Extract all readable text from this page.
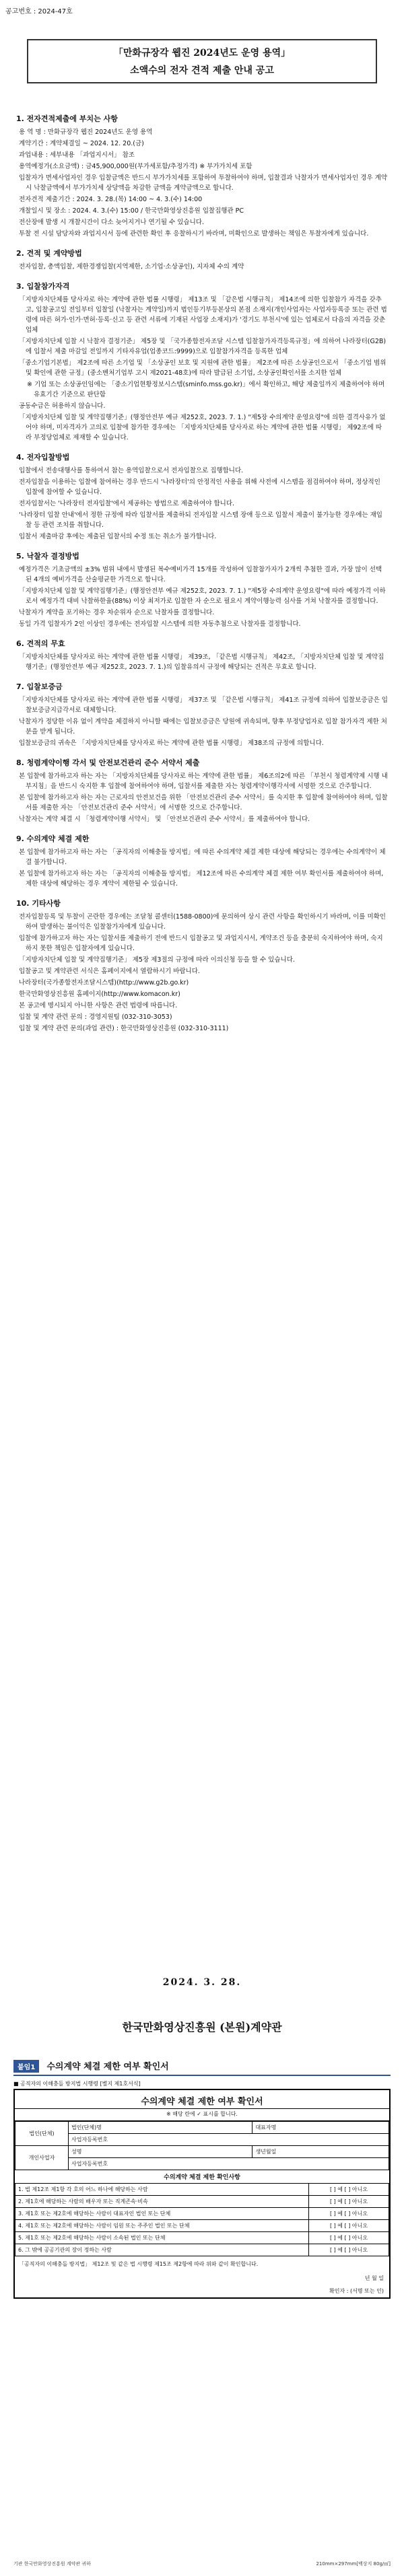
공고번호 : 2024-47호
「만화규장각 웹진 2024년도 운영 용역」
소액수의 전자 견적 제출 안내 공고
1. 전자견적제출에 부치는 사항
용 역 명 : 만화규장각 웹진 2024년도 운영 용역
계약기간 : 계약체결일 ~ 2024. 12. 20.(금)
과업내용 : 세부내용 「과업지시서」 참조
용역예정가(소요금액) : 금45,900,000원(부가세포함/추정가격) ※ 부가가치세 포함
입찰자가 면세사업자인 경우 입찰금액은 반드시 부가가치세를 포함하여 투찰하여야 하며, 입찰결과 낙찰자가 면세사업자인 경우 계약 시 낙찰금액에서 부가가치세 상당액을 차감한 금액을 계약금액으로 합니다.
전자견적 제출기간 : 2024. 3. 28.(목) 14:00 ~ 4. 3.(수) 14:00
개찰일시 및 장소 : 2024. 4. 3.(수) 15:00 / 한국만화영상진흥원 입찰집행관 PC
전산장애 발생 시 개찰시간이 다소 늦어지거나 연기될 수 있습니다.
투찰 전 시설 담당자와 과업지시서 등에 관련한 확인 후 응찰하시기 바라며, 미확인으로 발생하는 책임은 투찰자에게 있습니다.
2. 견적 및 계약방법
전자입찰, 총액입찰, 제한경쟁입찰(지역제한, 소기업·소상공인), 지자체 수의 계약
3. 입찰참가자격
「지방자치단체를 당사자로 하는 계약에 관한 법률 시행령」 제13조 및 「같은법 시행규칙」 제14조에 의한 입찰참가 자격을 갖추고, 입찰공고일 전일부터 입찰일 (낙찰자는 계약일)까지 법인등기부등본상의 본점 소재지(개인사업자는 사업자등록증 또는 관련 법령에 따른 허가·인가·면허·등록·신고 등 관련 서류에 기재된 사업장 소재지)가 '경기도 부천시'에 있는 업체로서 다음의 자격을 갖춘 업체
「지방자치단체 입찰 시 낙찰자 결정기준」 제5장 및 「국가종합전자조달 시스템 입찰참가자격등록규정」에 의하여 나라장터(G2B)에 입찰서 제출 마감일 전일까지 기타자유업(업종코드:9999)으로 입찰참가자격을 등록한 업체
「중소기업기본법」 제2조에 따른 소기업 및 「소상공인 보호 및 지원에 관한 법률」 제2조에 따른 소상공인으로서 「중소기업 범위 및 확인에 관한 규정」(중소벤처기업부 고시 제2021-48호)에 따라 발급된 소기업, 소상공인확인서를 소지한 업체
※ 기업 또는 소상공인임에는 「중소기업현황정보시스템(sminfo.mss.go.kr)」에서 확인하고, 해당 제출일까지 제출하여야 하며 유효기간 기준으로 판단함
공동수급은 허용하지 않습니다.
「지방자치단체 입찰 및 계약집행기준」(행정안전부 예규 제252호, 2023. 7. 1.) "제5장 수의계약 운영요령"에 의한 결격사유가 없어야 하며, 미자격자가 고의로 입찰에 참가한 경우에는 「지방자치단체를 당사자로 하는 계약에 관한 법률 시행령」 제92조에 따라 부정당업체로 제재할 수 있습니다.
4. 전자입찰방법
입찰에서 전송대행사를 통하여서 참는 용역입찰으로서 전자입찰으로 집행합니다.
전자입찰을 이용하는 입찰에 참여하는 경우 반드시 '나라장터'의 안정적인 사용을 위해 사전에 시스템을 점검하여야 하며, 정상적인 입찰에 참여할 수 있습니다.
전자입찰서는 '나라장터 전자입찰'에서 제공하는 방법으로 제출하여야 합니다.
'나라장터 입찰 안내'에서 정한 규정에 따라 입찰서를 제출하되 전자입찰 시스템 장애 등으로 입찰서 제출이 불가능한 경우에는 재입찰 등 관련 조치를 취합니다.
입찰서 제출마감 후에는 제출된 입찰서의 수정 또는 취소가 불가합니다.
5. 낙찰자 결정방법
예정가격은 기초금액의 ±3% 범위 내에서 발생된 복수예비가격 15개를 작성하여 입찰참가자가 2개씩 추첨한 결과, 가장 많이 선택된 4개의 예비가격을 산술평균한 가격으로 합니다.
「지방자치단체 입찰 및 계약집행기준」(행정안전부 예규 제252호, 2023. 7. 1.) "제5장 수의계약 운영요령"에 따라 예정가격 이하로서 예정가격 대비 낙찰하한율(88%) 이상 최저가로 입찰한 자 순으로 필요시 계약이행능력 심사를 거쳐 낙찰자를 결정합니다.
낙찰자가 계약을 포기하는 경우 차순위자 순으로 낙찰자를 결정합니다.
동일 가격 입찰자가 2인 이상인 경우에는 전자입찰 시스템에 의한 자동추첨으로 낙찰자를 결정합니다.
6. 견적의 무효
「지방자치단체를 당사자로 하는 계약에 관한 법률 시행령」 제39조, 「같은법 시행규칙」 제42조, 「지방자치단체 입찰 및 계약집행기준」(행정안전부 예규 제252호, 2023. 7. 1.)의 입찰유의서 규정에 해당되는 견적은 무효로 합니다.
7. 입찰보증금
「지방자치단체를 당사자로 하는 계약에 관한 법률 시행령」 제37조 및 「같은법 시행규칙」 제41조 규정에 의하여 입찰보증금은 입찰보증금지급각서로 대체합니다.
낙찰자가 정당한 이유 없이 계약을 체결하지 아니할 때에는 입찰보증금은 당원에 귀속되며, 향후 부정당업자로 입찰 참가자격 제한 처분을 받게 됩니다.
입찰보증금의 귀속은 「지방자치단체를 당사자로 하는 계약에 관한 법률 시행령」 제38조의 규정에 의합니다.
8. 청렴계약이행 각서 및 안전보건관리 준수 서약서 제출
본 입찰에 참가하고자 하는 자는 「지방자치단체를 당사자로 하는 계약에 관한 법률」 제6조의2에 따른 「부천시 청렴계약제 시행 내부지침」을 반드시 숙지한 후 입찰에 참여하여야 하며, 입찰서를 제출한 자는 청렴계약이행각서에 서명한 것으로 간주합니다.
본 입찰에 참가하고자 하는 자는 근로자의 안전보건을 위한 「안전보건관리 준수 서약서」를 숙지한 후 입찰에 참여하여야 하며, 입찰서를 제출한 자는 「안전보건관리 준수 서약서」에 서명한 것으로 간주합니다.
낙찰자는 계약 체결 시 「청렴계약이행 서약서」 및 「안전보건관리 준수 서약서」를 제출하여야 합니다.
9. 수의계약 체결 제한
본 입찰에 참가하고자 하는 자는 「공직자의 이해충돌 방지법」에 따른 수의계약 체결 제한 대상에 해당되는 경우에는 수의계약이 체결 불가합니다.
본 입찰에 참가하고자 하는 자는 「공직자의 이해충돌 방지법」 제12조에 따른 수의계약 체결 제한 여부 확인서를 제출하여야 하며, 제한 대상에 해당하는 경우 계약이 제한될 수 있습니다.
10. 기타사항
전자입찰등록 및 투찰이 곤란한 경우에는 조달청 콜센터(1588-0800)에 문의하여 상시 관련 사항을 확인하시기 바라며, 이를 미확인하여 발생하는 불이익은 입찰참가자에게 있습니다.
입찰에 참가하고자 하는 자는 입찰서를 제출하기 전에 반드시 입찰공고 및 과업지시서, 계약조건 등을 충분히 숙지하여야 하며, 숙지하지 못한 책임은 입찰자에게 있습니다.
「지방자치단체 입찰 및 계약집행기준」 제5장 제3절의 규정에 따라 이의신청 등을 할 수 있습니다.
입찰공고 및 계약관련 서식은 홈페이지에서 열람하시기 바랍니다.
나라장터(국가종합전자조달시스템)(http://www.g2b.go.kr)
한국만화영상진흥원 홈페이지(http://www.komacon.kr)
본 공고에 명시되지 아니한 사항은 관련 법령에 따릅니다.
입찰 및 계약 관련 문의 : 경영지원팀 (032-310-3053)
입찰 및 계약 관련 문의(과업 관련) : 한국만화영상진흥원 (032-310-3111)
2024. 3. 28.
한국만화영상진흥원 (본원)계약관
붙임1 수의계약 체결 제한 여부 확인서
■ 공직자의 이해충돌 방지법 시행령 [별지 제1호서식]
수의계약 체결 제한 여부 확인서
※ 해당 란에 ✓ 표시를 합니다.
법인(단체)	법인(단체)명	대표자명
	사업자등록번호	
개인사업자	성명	생년월일
	사업자등록번호	
수의계약 체결 제한 확인사항
1. 법 제12조 제1항 각 호의 어느 하나에 해당하는 사람	[ ] 예 [ ] 아니오
2. 제1호에 해당하는 사람의 배우자 또는 직계존속·비속	[ ] 예 [ ] 아니오
3. 제1호 또는 제2호에 해당하는 사람이 대표자인 법인 또는 단체	[ ] 예 [ ] 아니오
4. 제1호 또는 제2호에 해당하는 사람이 임원 또는 주주인 법인 또는 단체	[ ] 예 [ ] 아니오
5. 제1호 또는 제2호에 해당하는 사람이 소속된 법인 또는 단체	[ ] 예 [ ] 아니오
6. 그 밖에 공공기관의 장이 정하는 사람	[ ] 예 [ ] 아니오
「공직자의 이해충돌 방지법」 제12조 및 같은 법 시행령 제15조 제2항에 따라 위와 같이 확인합니다.
년 월 일
확인자 : (서명 또는 인)
기관 한국만화영상진흥원 계약관 귀하	210mm×297mm[백상지 80g/㎡]
